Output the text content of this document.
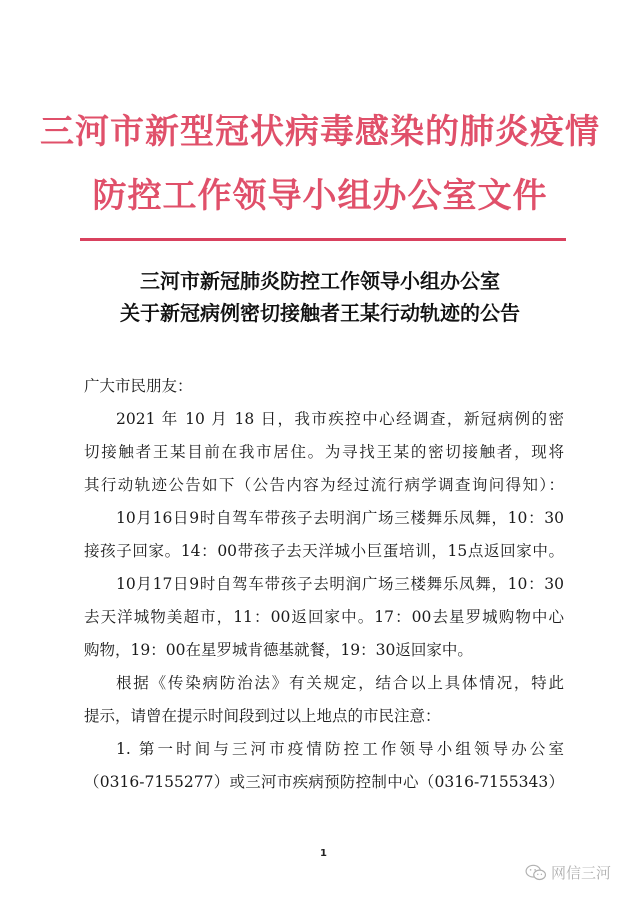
三河市新型冠状病毒感染的肺炎疫情
防控工作领导小组办公室文件
三河市新冠肺炎防控工作领导小组办公室
关于新冠病例密切接触者王某行动轨迹的公告
广大市民朋友：
2021 年 10 月 18 日，我市疾控中心经调查，新冠病例的密
切接触者王某目前在我市居住。为寻找王某的密切接触者，现将
其行动轨迹公告如下（公告内容为经过流行病学调查询问得知）：
10月16日9时自驾车带孩子去明润广场三楼舞乐凤舞，10：30
接孩子回家。14：00带孩子去天洋城小巨蛋培训，15点返回家中。
10月17日9时自驾车带孩子去明润广场三楼舞乐凤舞，10：30
去天洋城物美超市，11：00返回家中。17：00去星罗城购物中心
购物，19：00在星罗城肯德基就餐，19：30返回家中。
根据《传染病防治法》有关规定，结合以上具体情况，特此
提示，请曾在提示时间段到过以上地点的市民注意：
1. 第一时间与三河市疫情防控工作领导小组领导办公室
（0316-7155277）或三河市疾病预防控制中心（0316-7155343）
1
网信三河
